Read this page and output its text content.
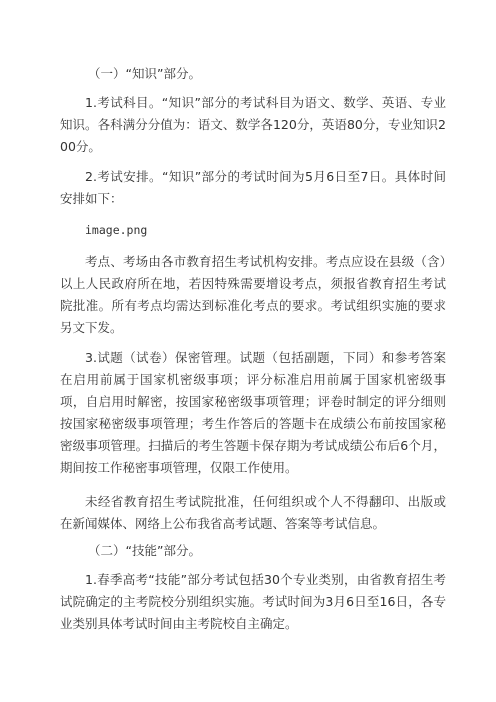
（一）“知识”部分。

1.考试科目。“知识”部分的考试科目为语文、数学、英语、专业知识。各科满分分值为：语文、数学各120分，英语80分，专业知识200分。

2.考试安排。“知识”部分的考试时间为5月6日至7日。具体时间安排如下：

image.png

考点、考场由各市教育招生考试机构安排。考点应设在县级（含）以上人民政府所在地，若因特殊需要增设考点，须报省教育招生考试院批准。所有考点均需达到标准化考点的要求。考试组织实施的要求另文下发。

3.试题（试卷）保密管理。试题（包括副题，下同）和参考答案在启用前属于国家机密级事项；评分标准启用前属于国家机密级事项，自启用时解密，按国家秘密级事项管理；评卷时制定的评分细则按国家秘密级事项管理；考生作答后的答题卡在成绩公布前按国家秘密级事项管理。扫描后的考生答题卡保存期为考试成绩公布后6个月，期间按工作秘密事项管理，仅限工作使用。

未经省教育招生考试院批准，任何组织或个人不得翻印、出版或在新闻媒体、网络上公布我省高考试题、答案等考试信息。

（二）“技能”部分。

1.春季高考“技能”部分考试包括30个专业类别，由省教育招生考试院确定的主考院校分别组织实施。考试时间为3月6日至16日，各专业类别具体考试时间由主考院校自主确定。
